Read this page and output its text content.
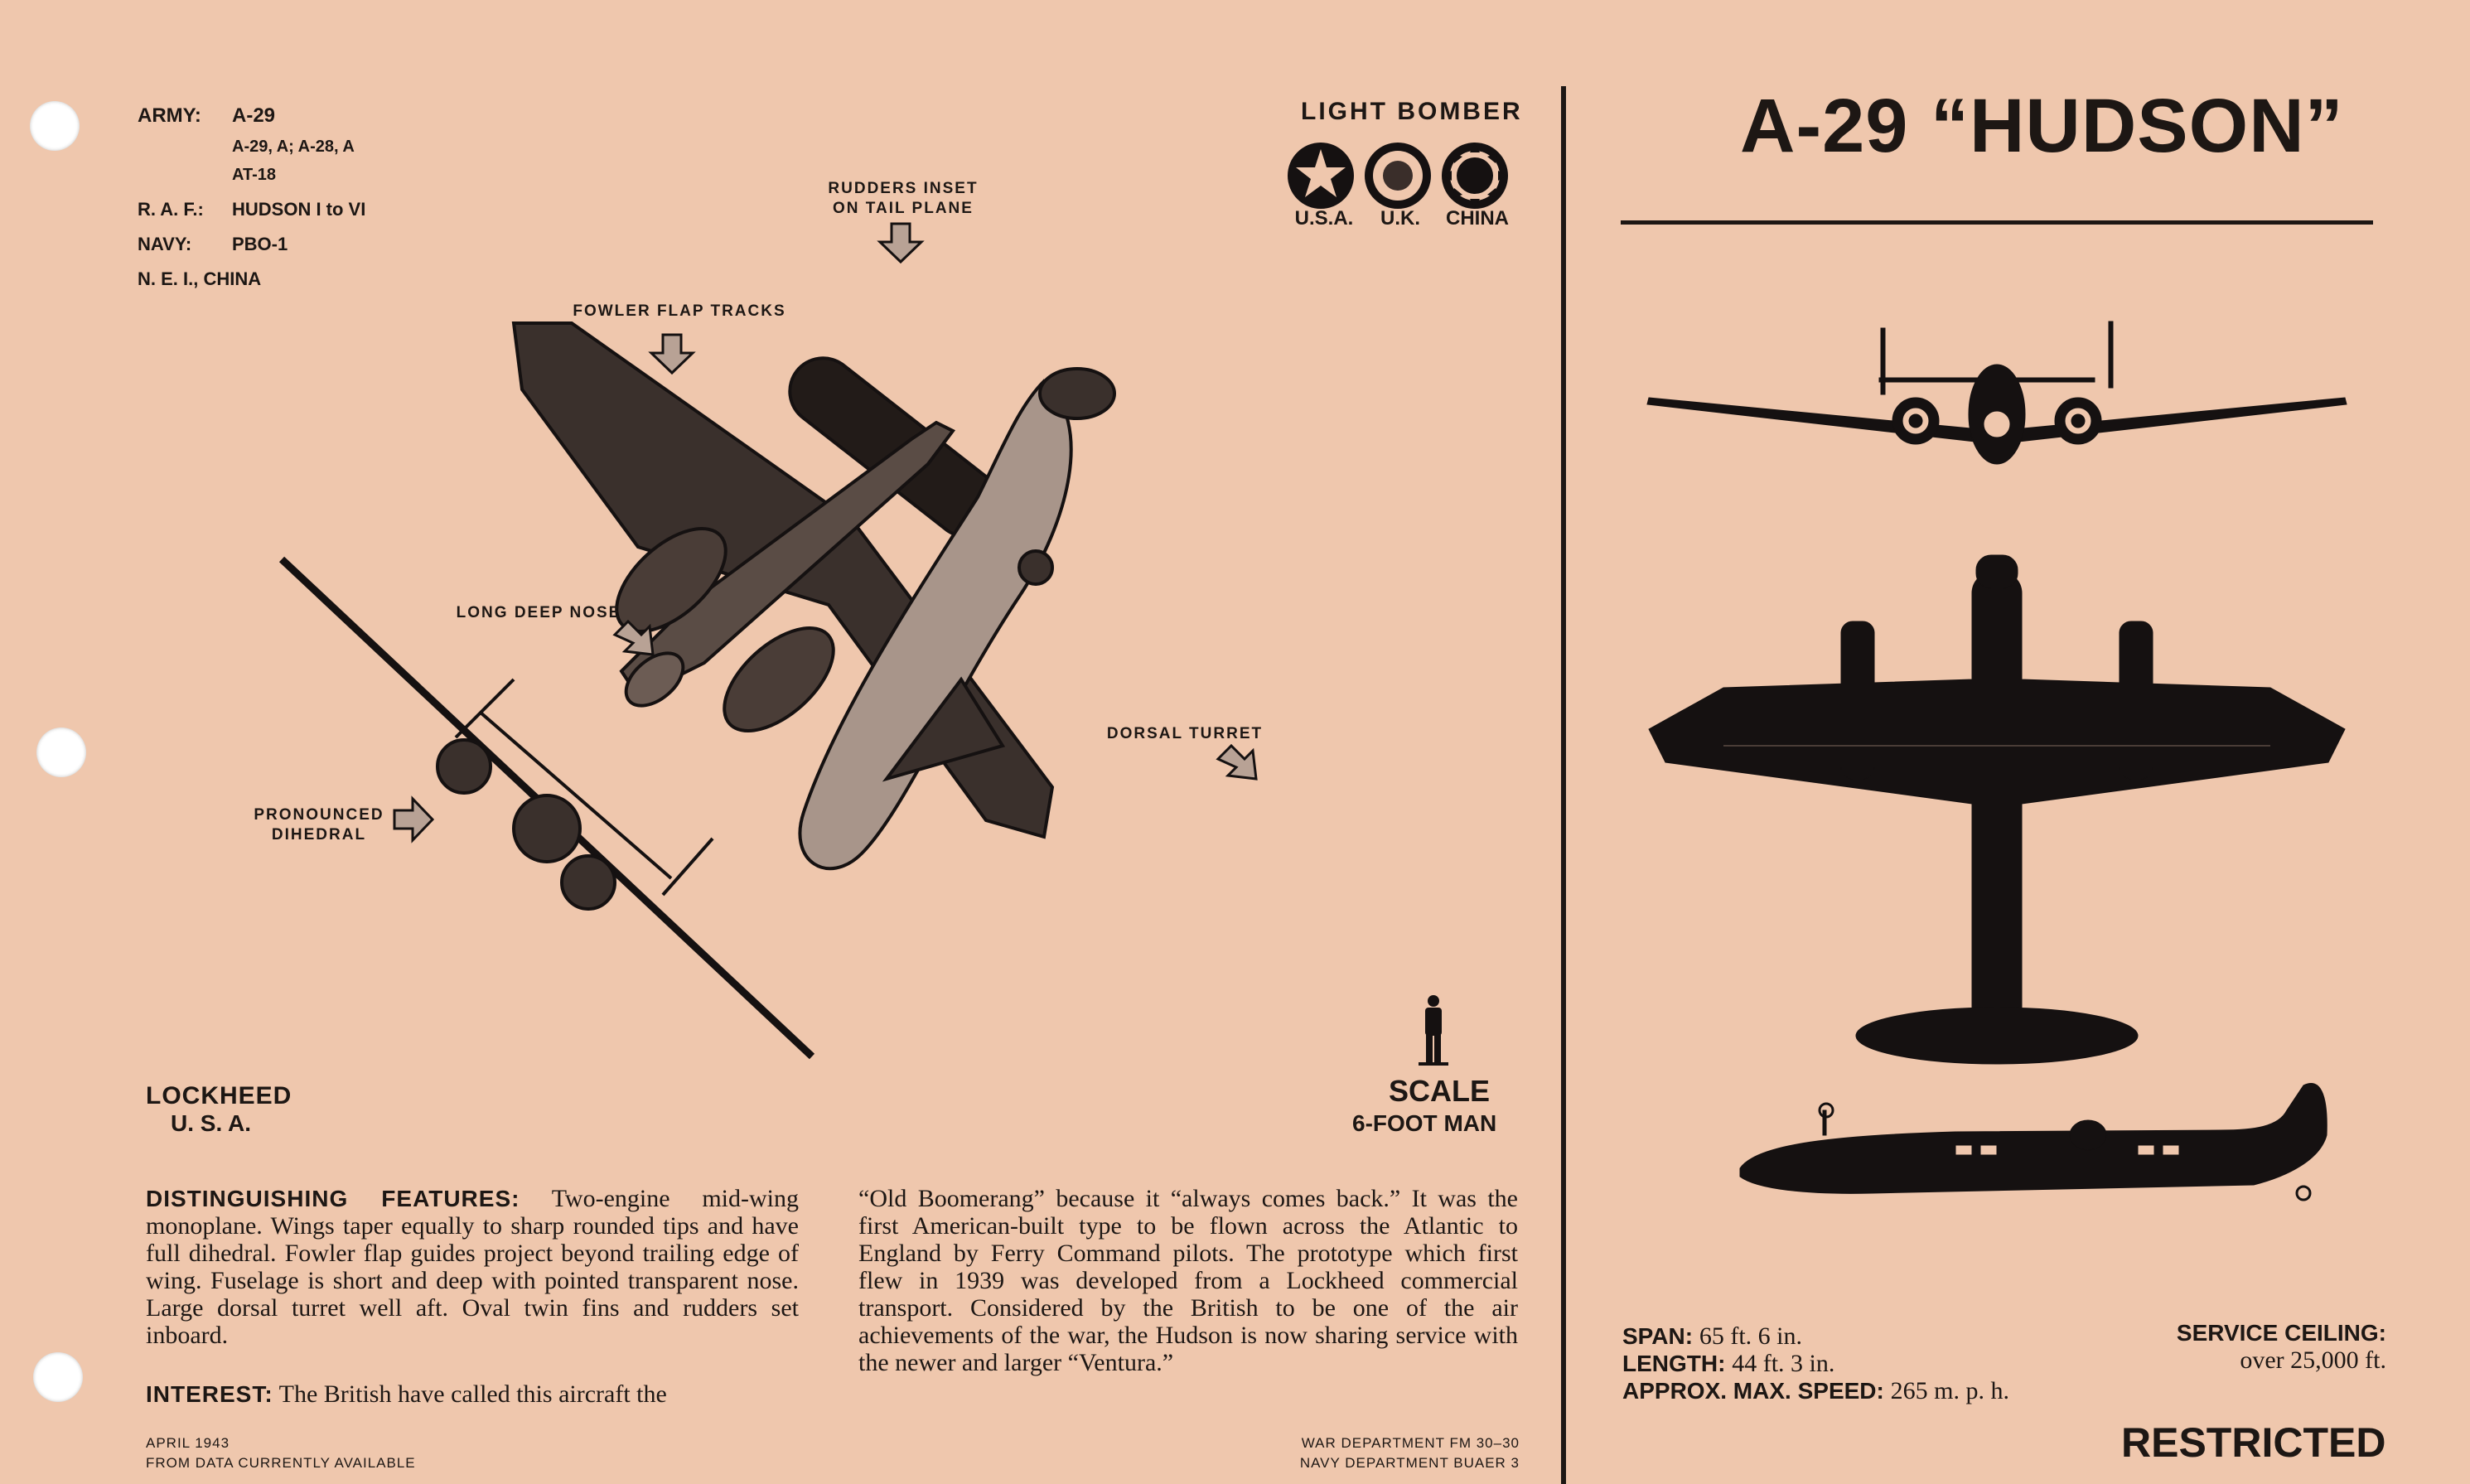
ARMY: A-29
A-29, A; A-28, A
AT-18
R. A. F.: HUDSON I to VI
NAVY: PBO-1
N. E. I., CHINA
LIGHT BOMBER
U.S.A.	U.K.	CHINA
A-29 “HUDSON”
RUDDERS INSET ON TAIL PLANE
FOWLER FLAP TRACKS
LONG DEEP NOSE
PRONOUNCED DIHEDRAL
DORSAL TURRET
LOCKHEED
U. S. A.
SCALE
6-FOOT MAN
DISTINGUISHING FEATURES: Two-engine mid-wing monoplane. Wings taper equally to sharp rounded tips and have full dihedral. Fowler flap guides project beyond trailing edge of wing. Fuselage is short and deep with pointed transparent nose. Large dorsal turret well aft. Oval twin fins and rudders set inboard.
INTEREST: The British have called this aircraft the
“Old Boomerang” because it “always comes back.” It was the first American-built type to be flown across the Atlantic to England by Ferry Command pilots. The prototype which first flew in 1939 was developed from a Lockheed commercial transport. Considered by the British to be one of the air achievements of the war, the Hudson is now sharing service with the newer and larger “Ventura.”
APRIL 1943
FROM DATA CURRENTLY AVAILABLE
WAR DEPARTMENT FM 30–30
NAVY DEPARTMENT BUAER 3
SPAN: 65 ft. 6 in.
LENGTH: 44 ft. 3 in.
APPROX. MAX. SPEED: 265 m. p. h.
SERVICE CEILING:
over 25,000 ft.
RESTRICTED
